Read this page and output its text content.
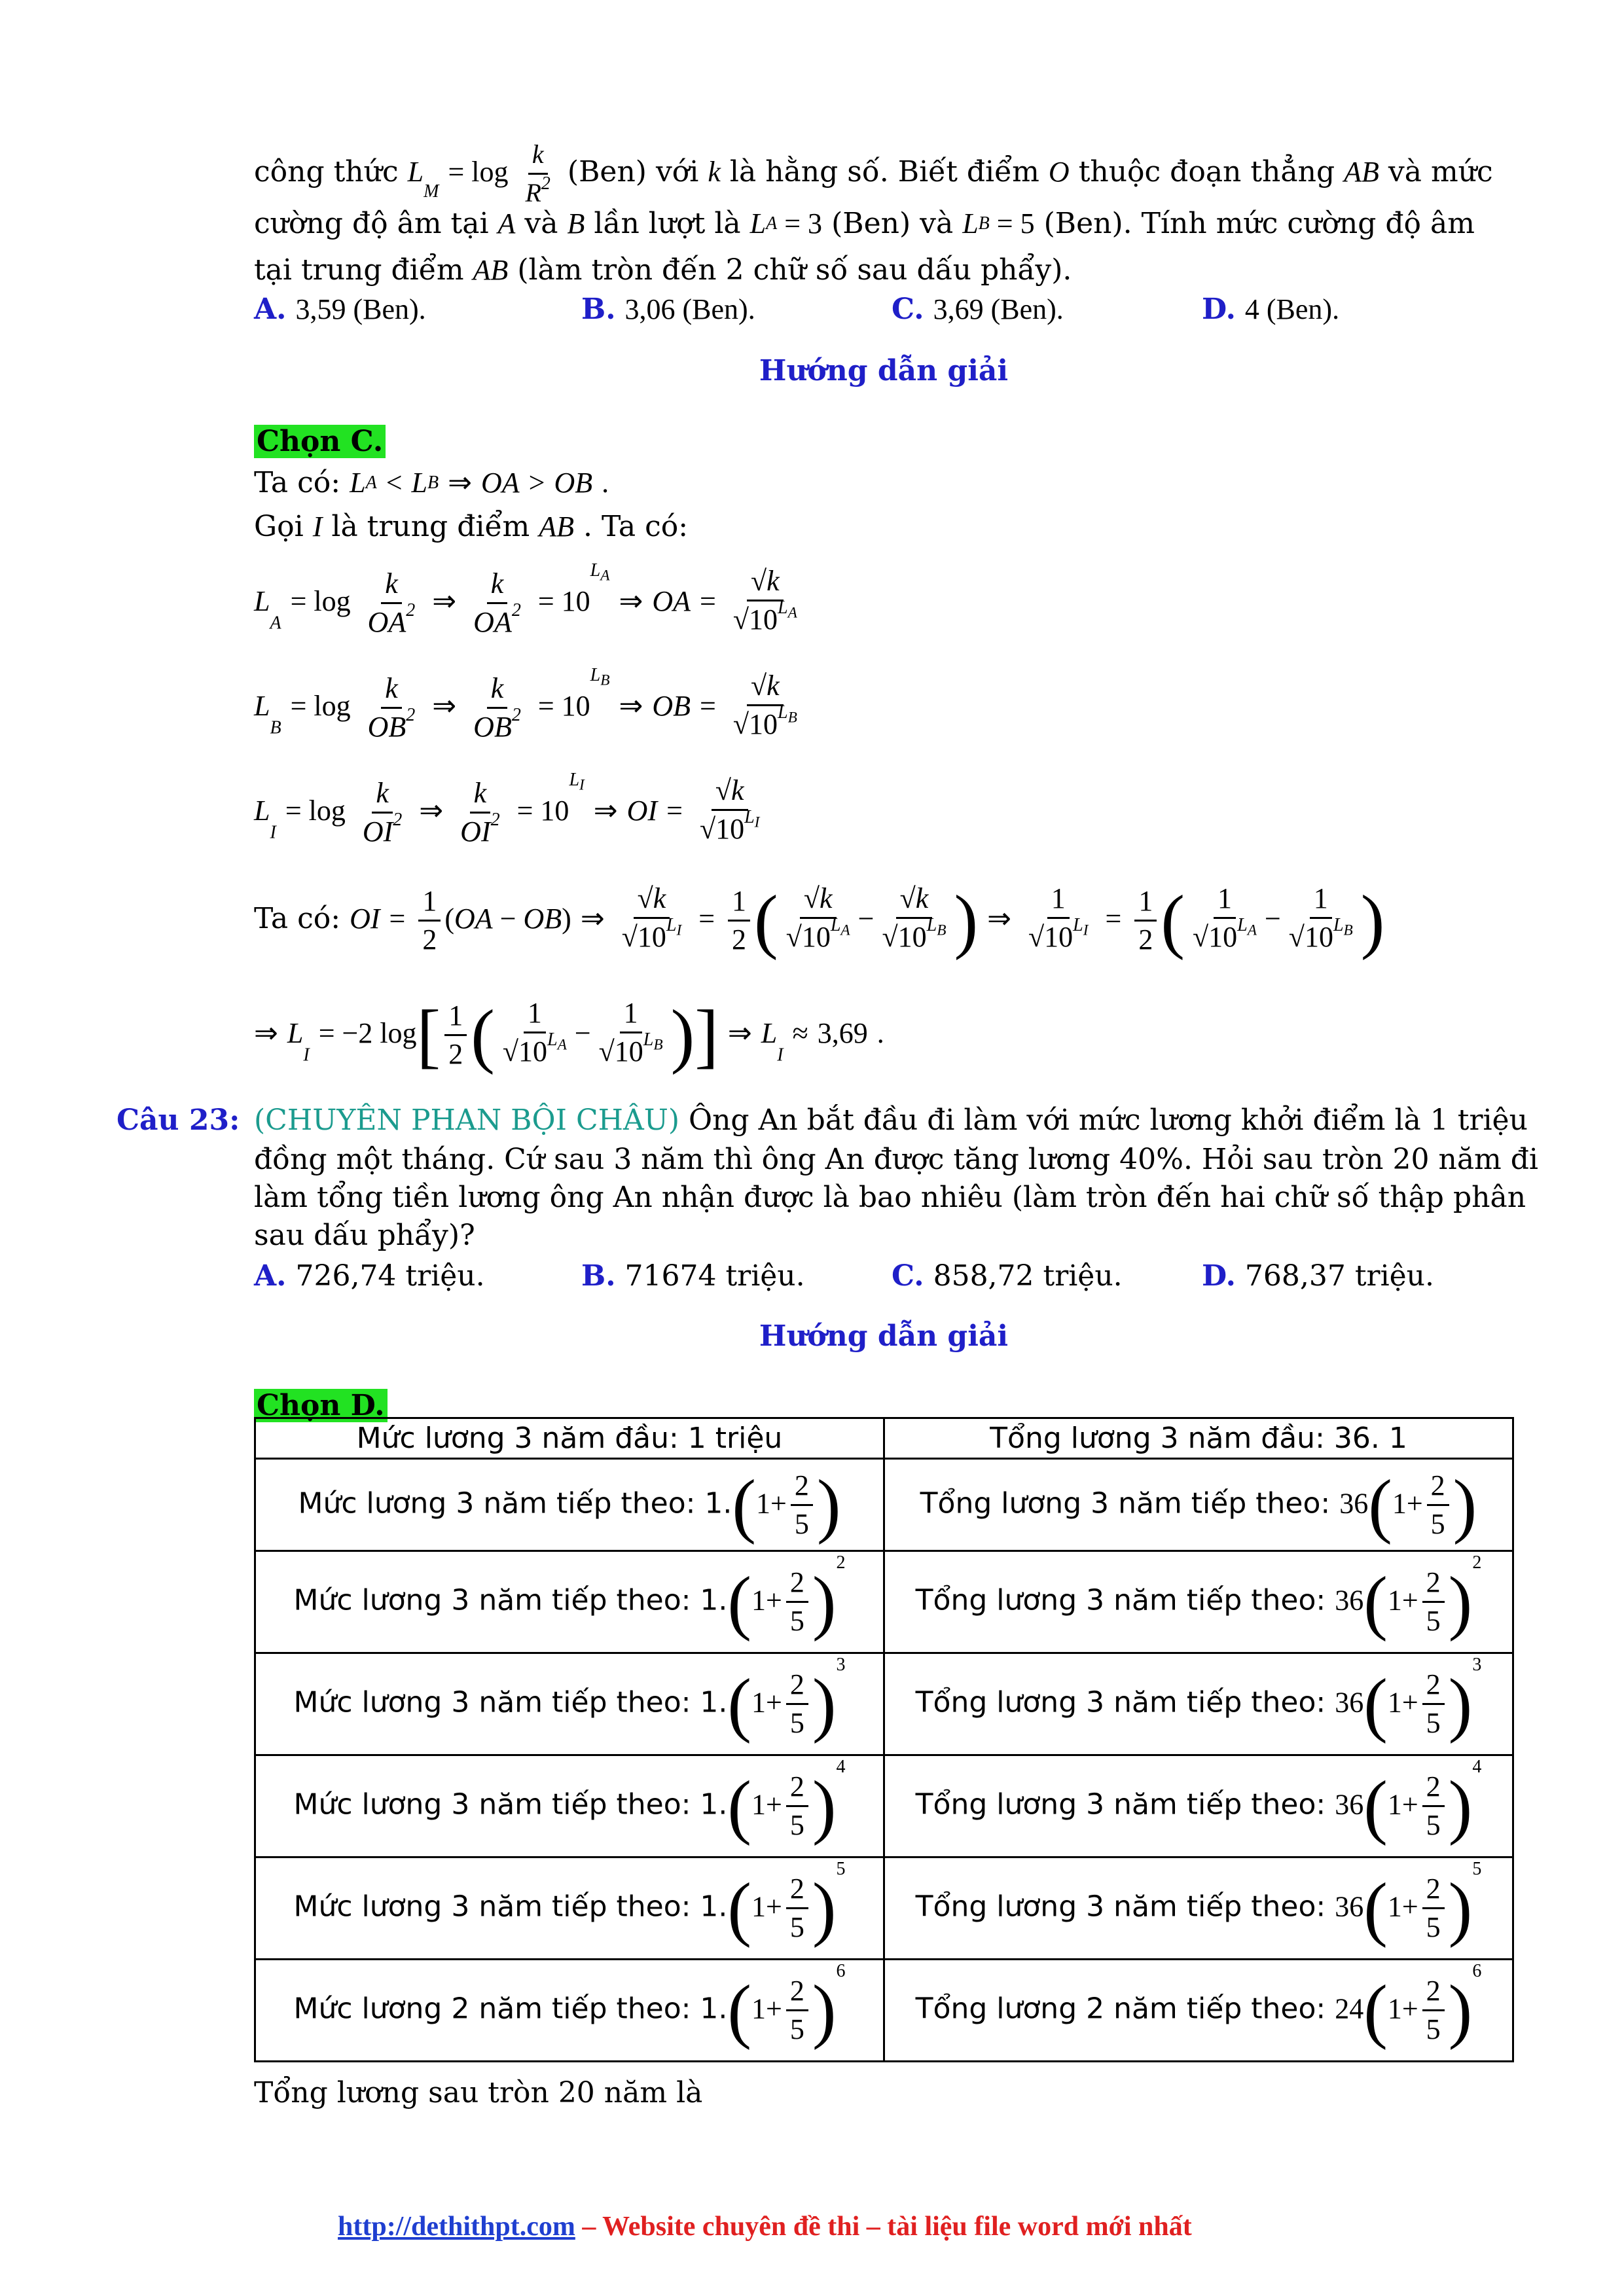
công thức LM = $\log \frac{k}{R^2} (Ben)$ với k là hằng số. Biết điểm O thuộc đoạn thẳng AB và mức
cường độ âm tại A và B lần lượt là LA = 3 (Ben) và LB = 5 (Ben). Tính mức cường độ âm
tại trung điểm AB (làm tròn đến 2 chữ số sau dấu phẩy).
A. 3,59 (Ben).	B. 3,06 (Ben).	C. 3,69 (Ben).	D. 4 (Ben).
Hướng dẫn giải
Chọn C.
Ta có: LA < LB ⇒ OA > OB .
Gọi I là trung điểm AB . Ta có:
LA = $\log \frac{k}{OA^2}$ ⇒ $\frac{k}{OA^2} = 10^{L_A}$ ⇒ OA = $\frac{√k}{√10^{L_A}}$
LB = $\log \frac{k}{OB^2}$ ⇒ $\frac{k}{OB^2} = 10^{L_B}$ ⇒ OB = $\frac{√k}{√10^{L_B}}$
LI = $\log \frac{k}{OI^2}$ ⇒ $\frac{k}{OI^2} = 10^{L_I}$ ⇒ OI = $\frac{√k}{√10^{L_I}}$
Ta có: OI = $\frac{1}{2} (OA - OB)$ ⇒ $\frac{√k}{√10^{L_I}} = \frac{1}{2}$ ( $\frac{√k}{√10^{L_A}} - \frac{√k}{√10^{L_B}}$ ) ⇒ $\frac{1}{√10^{L_I}} = \frac{1}{2}$ ( $\frac{1}{√10^{L_A}} - \frac{1}{√10^{L_B}}$ )
⇒ LI = −2 $\log[ \frac{1}{2}$ ( $\frac{1}{√10^{L_A}} - \frac{1}{√10^{L_B}}$ )] ⇒ LI ≈ 3,69 .
Câu 23: (CHUYÊN PHAN BỘI CHÂU) Ông An bắt đầu đi làm với mức lương khởi điểm là 1 triệu
đồng một tháng. Cứ sau 3 năm thì ông An được tăng lương 40%. Hỏi sau tròn 20 năm đi
làm tổng tiền lương ông An nhận được là bao nhiêu (làm tròn đến hai chữ số thập phân
sau dấu phẩy)?
A. 726,74 triệu.	B. 71674 triệu.	C. 858,72 triệu.	D. 768,37 triệu.
Hướng dẫn giải
Chọn D.
Mức lương 3 năm đầu: 1 triệu	Tổng lương 3 năm đầu: 36. 1
Mức lương 3 năm tiếp theo: $1.(1+ \frac{2}{5}$ )	Tổng lương 3 năm tiếp theo: $36(1+ \frac{2}{5}$ )
Mức lương 3 năm tiếp theo: $1.(1+ \frac{2}{5} )^2$	Tổng lương 3 năm tiếp theo: $36(1+ \frac{2}{5} )^2$
Mức lương 3 năm tiếp theo: $1.(1+ \frac{2}{5} )^3$	Tổng lương 3 năm tiếp theo: $36(1+ \frac{2}{5} )^3$
Mức lương 3 năm tiếp theo: $1.(1+ \frac{2}{5} )^4$	Tổng lương 3 năm tiếp theo: $36(1+ \frac{2}{5} )^4$
Mức lương 3 năm tiếp theo: $1.(1+ \frac{2}{5} )^5$	Tổng lương 3 năm tiếp theo: $36(1+ \frac{2}{5} )^5$
Mức lương 2 năm tiếp theo: $1.(1+ \frac{2}{5} )^6$	Tổng lương 2 năm tiếp theo: $24(1+ \frac{2}{5} )^6$
Tổng lương sau tròn 20 năm là
http://dethithpt.com – Website chuyên đề thi – tài liệu file word mới nhất
